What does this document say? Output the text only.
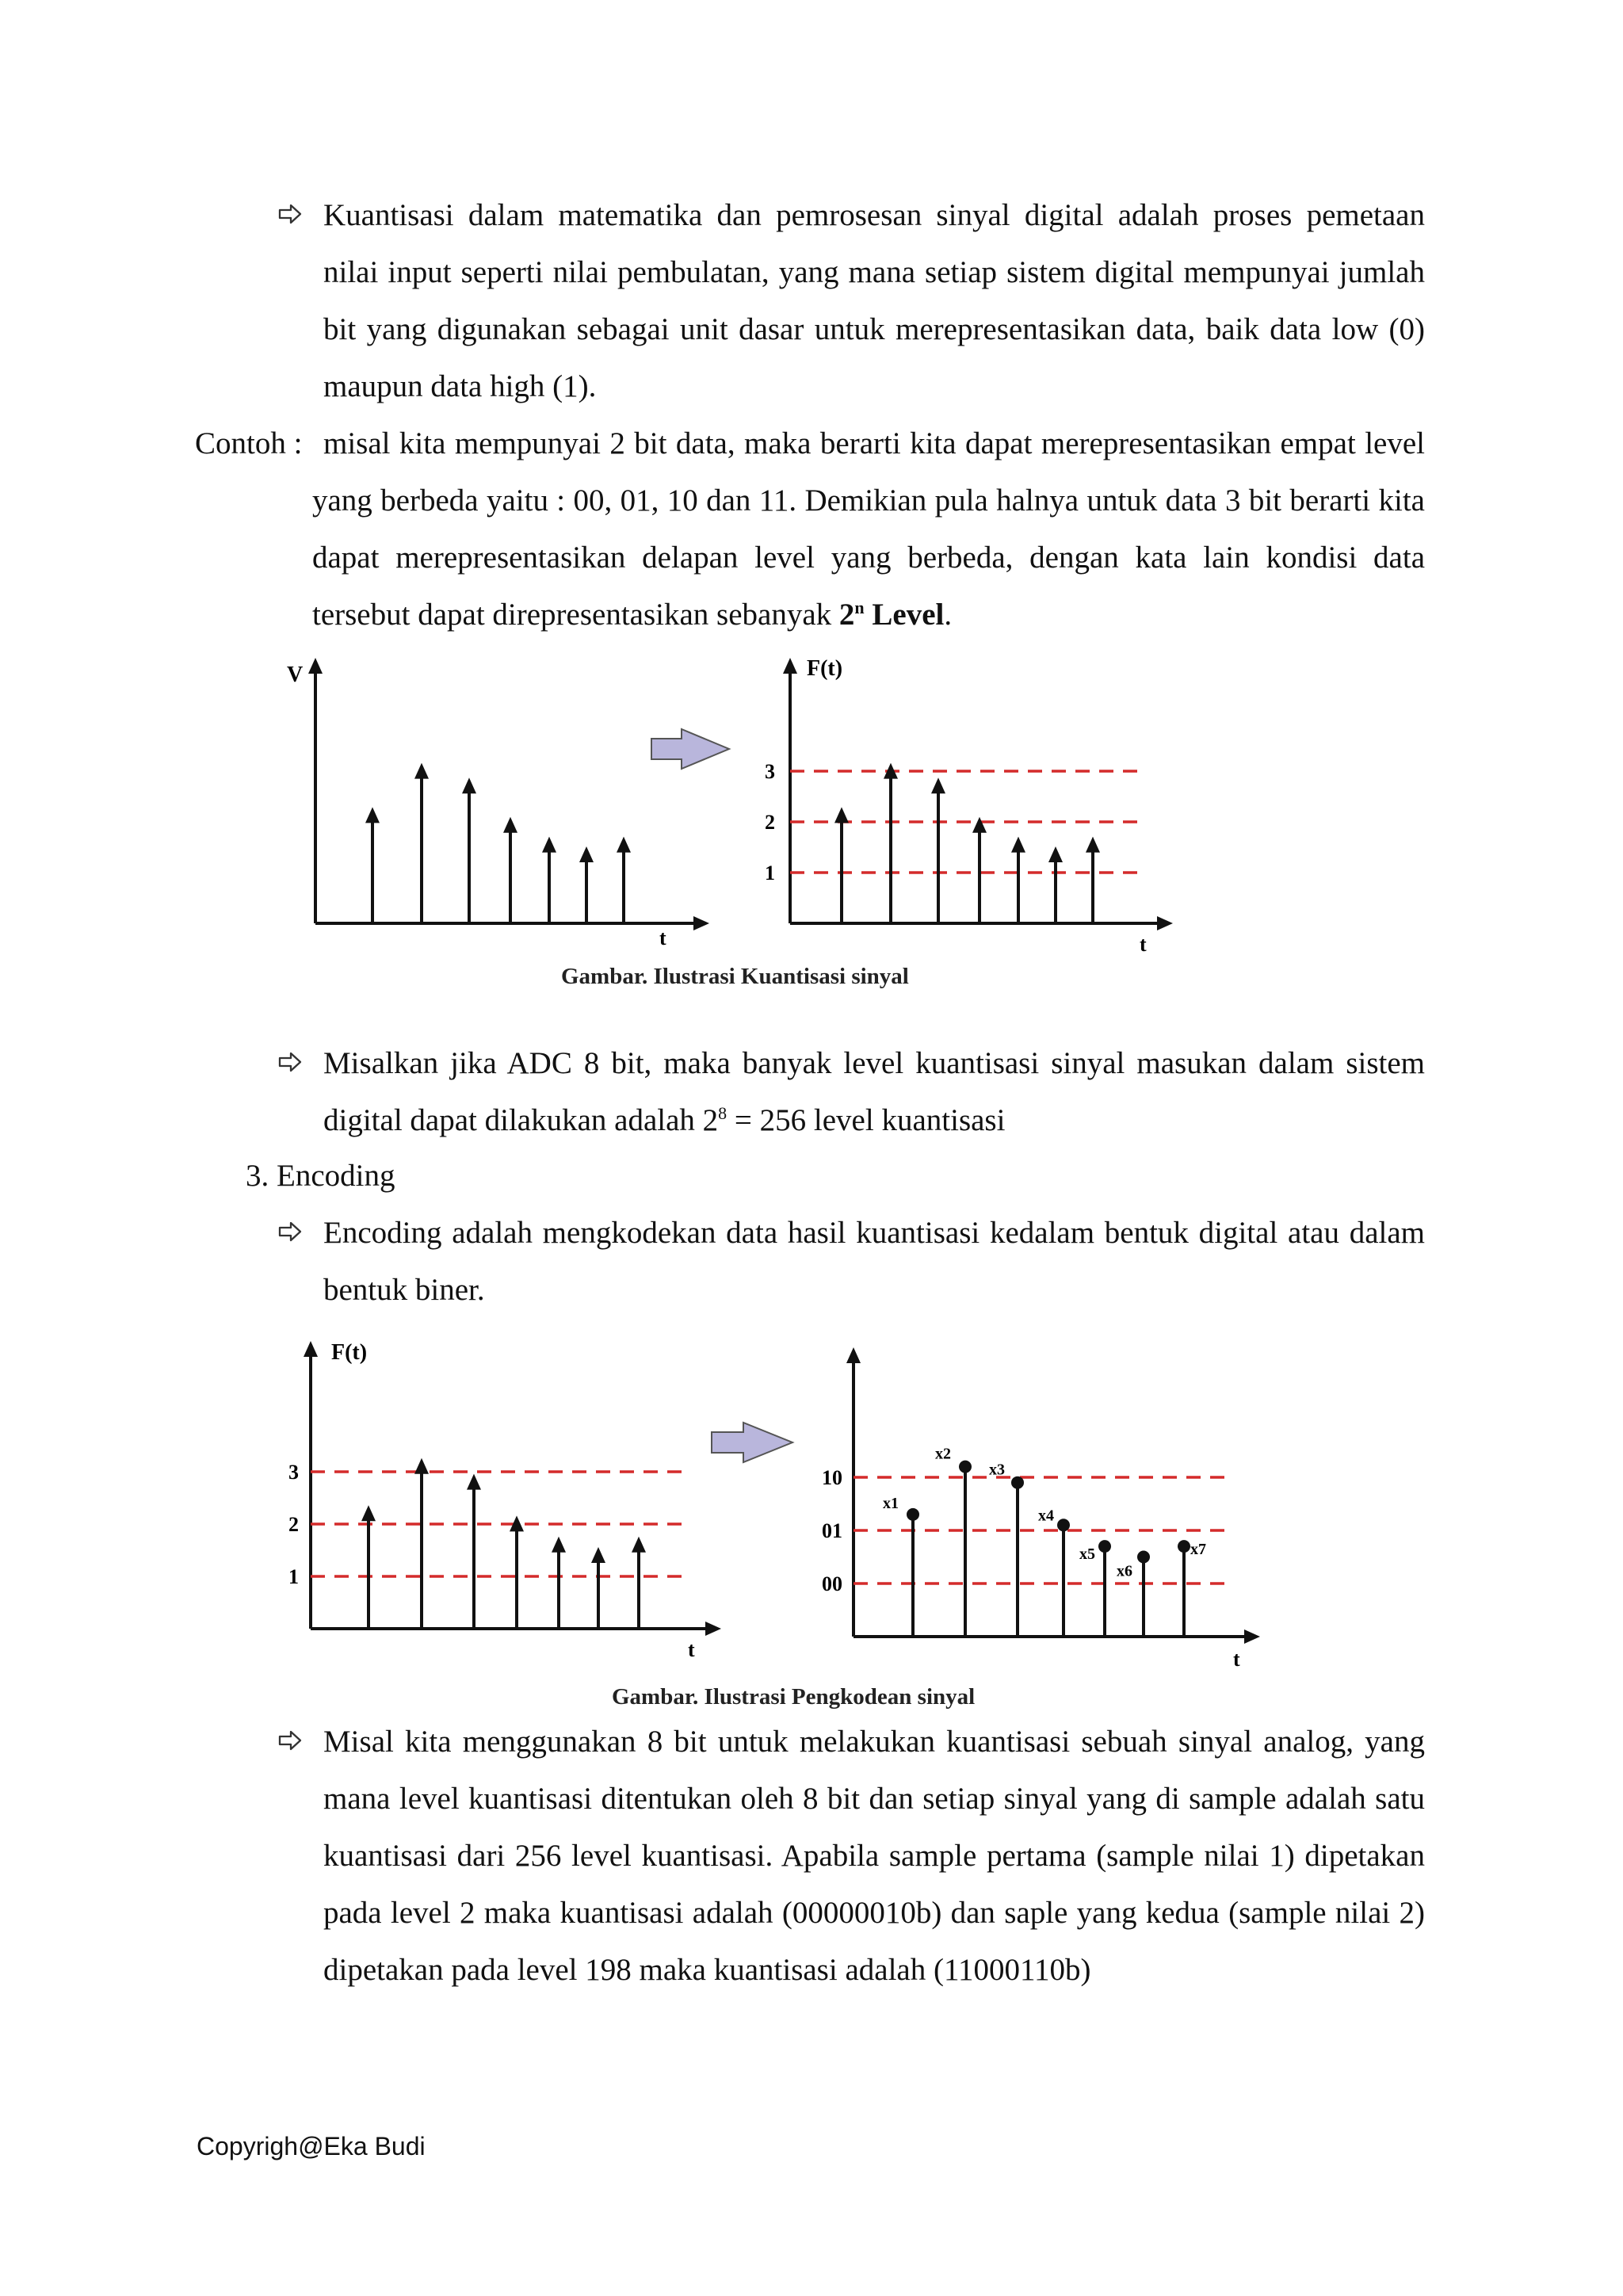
Kuantisasi dalam matematika dan pemrosesan sinyal digital adalah proses pemetaan nilai input seperti nilai pembulatan, yang mana setiap sistem digital mempunyai jumlah bit yang digunakan sebagai unit dasar untuk merepresentasikan data, baik data low (0) maupun data high (1).
Contoh : misal kita mempunyai 2 bit data, maka berarti kita dapat merepresentasikan empat level yang berbeda yaitu : 00, 01, 10 dan 11. Demikian pula halnya untuk data 3 bit berarti kita dapat merepresentasikan delapan level yang berbeda, dengan kata lain kondisi data tersebut dapat direpresentasikan sebanyak 2$^n$ Level.
V
t
F(t)
t
1
2
3
Gambar. Ilustrasi Kuantisasi sinyal
Misalkan jika ADC 8 bit, maka banyak level kuantisasi sinyal masukan dalam sistem digital dapat dilakukan adalah $2^8 = 256$ level kuantisasi
3. Encoding
Encoding adalah mengkodekan data hasil kuantisasi kedalam bentuk digital atau dalam bentuk biner.
F(t)
t
1
2
3
t
00
01
10
x1
x2
x3
x4
x5
x6
x7
Gambar. Ilustrasi Pengkodean sinyal
Misal kita menggunakan 8 bit untuk melakukan kuantisasi sebuah sinyal analog, yang mana level kuantisasi ditentukan oleh 8 bit dan setiap sinyal yang di sample adalah satu kuantisasi dari 256 level kuantisasi. Apabila sample pertama (sample nilai 1) dipetakan pada level 2 maka kuantisasi adalah (00000010b) dan saple yang kedua (sample nilai 2) dipetakan pada level 198 maka kuantisasi adalah (11000110b)
Copyrigh@Eka Budi
